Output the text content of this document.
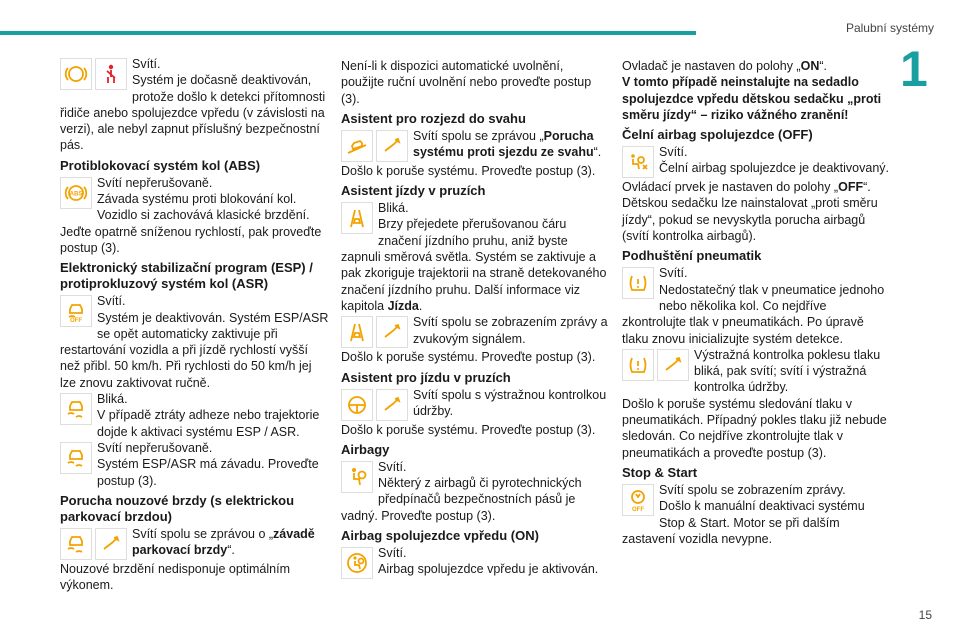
Palubní systémy
1
15

Svítí.

Systém je dočasně deaktivován, protože došlo k detekci přítomnosti řidiče anebo spolujezdce vpředu (v závislosti na verzi), ale nebyl zapnut příslušný bezpečnostní pás.

Protiblokovací systém kol (ABS)
ABS

Svítí nepřerušovaně.

Závada systému proti blokování kol. Vozidlo si zachovává klasické brzdění. Jeďte opatrně sníženou rychlostí, pak proveďte postup (3).

Elektronický stabilizační program (ESP) / protiprokluzový systém kol (ASR)
OFF

Svítí.

Systém je deaktivován. Systém ESP/ASR se opět automaticky zaktivuje při restartování vozidla a při jízdě rychlostí vyšší než přibl. 50 km/h. Při rychlosti do 50 km/h jej lze znovu zaktivovat ručně.

Bliká.

V případě ztráty adheze nebo trajektorie dojde k aktivaci systému ESP / ASR.

Svítí nepřerušovaně.

Systém ESP/ASR má závadu. Proveďte postup (3).

Porucha nouzové brzdy (s elektrickou parkovací brzdou)

Svítí spolu se zprávou o „závadě parkovací brzdy“.

Nouzové brzdění nedisponuje optimálním výkonem.

Není-li k dispozici automatické uvolnění, použijte ruční uvolnění nebo proveďte postup (3).

Asistent pro rozjezd do svahu

Svítí spolu se zprávou „Porucha systému proti sjezdu ze svahu“.

Došlo k poruše systému. Proveďte postup (3).

Asistent jízdy v pruzích

Bliká.

Brzy přejedete přerušovanou čáru značení jízdního pruhu, aniž byste zapnuli směrová světla. Systém se zaktivuje a pak zkoriguje trajektorii na straně detekovaného značení jízdního pruhu. Další informace viz kapitola Jízda.

Svítí spolu se zobrazením zprávy a zvukovým signálem.

Došlo k poruše systému. Proveďte postup (3).

Asistent pro jízdu v pruzích

Svítí spolu s výstražnou kontrolkou údržby.

Došlo k poruše systému. Proveďte postup (3).

Airbagy

Svítí.

Některý z airbagů či pyrotechnických předpínačů bezpečnostních pásů je vadný. Proveďte postup (3).

Airbag spolujezdce vpředu (ON)

Svítí.

Airbag spolujezdce vpředu je aktivován.

Ovladač je nastaven do polohy „ON“.

V tomto případě neinstalujte na sedadlo spolujezdce vpředu dětskou sedačku „proti směru jízdy“ – riziko vážného zranění!

Čelní airbag spolujezdce (OFF)

Svítí.

Čelní airbag spolujezdce je deaktivovaný.

Ovládací prvek je nastaven do polohy „OFF“.

Dětskou sedačku lze nainstalovat „proti směru jízdy“, pokud se nevyskytla porucha airbagů (svítí kontrolka airbagů).

Podhuštění pneumatik

Svítí.

Nedostatečný tlak v pneumatice jednoho nebo několika kol. Co nejdříve zkontrolujte tlak v pneumatikách. Po úpravě tlaku znovu inicializujte systém detekce.

Výstražná kontrolka poklesu tlaku bliká, pak svítí; svítí i výstražná kontrolka údržby.

Došlo k poruše systému sledování tlaku v pneumatikách. Případný pokles tlaku již nebude sledován. Co nejdříve zkontrolujte tlak v pneumatikách a proveďte postup (3).

Stop & Start
OFF

Svítí spolu se zobrazením zprávy.

Došlo k manuální deaktivaci systému Stop & Start. Motor se při dalším zastavení vozidla nevypne.
